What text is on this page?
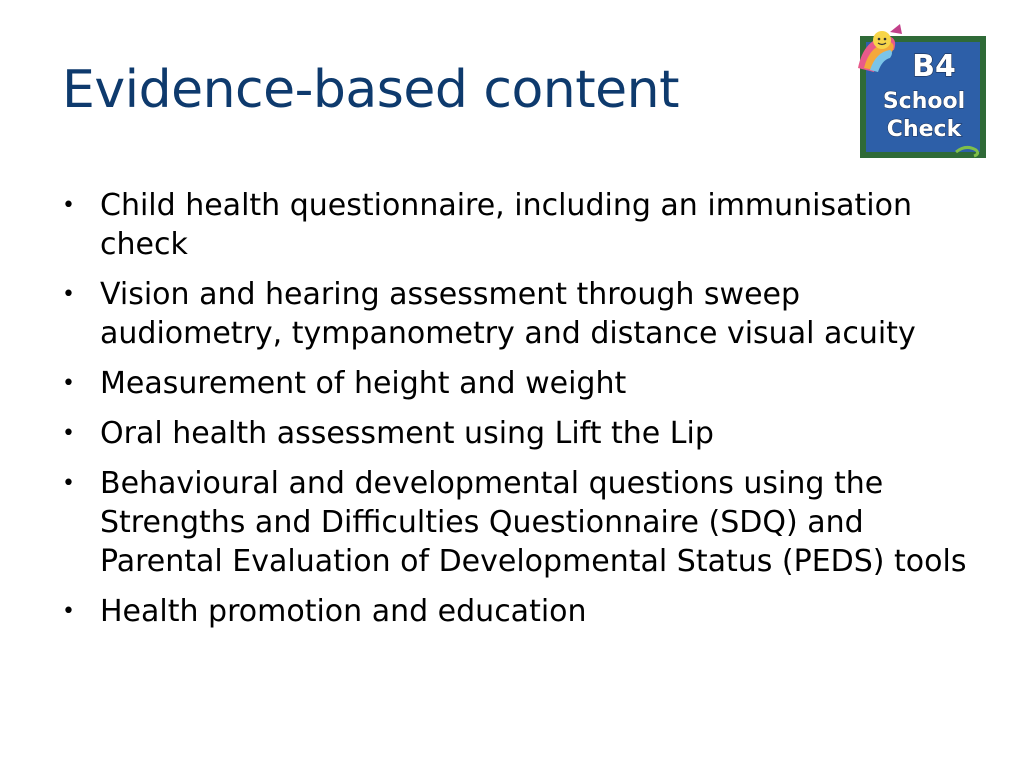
Evidence-based content	B4
School
Check
• Child health questionnaire, including an immunisation check
• Vision and hearing assessment through sweep audiometry, tympanometry and distance visual acuity
• Measurement of height and weight
• Oral health assessment using Lift the Lip
• Behavioural and developmental questions using the Strengths and Difficulties Questionnaire (SDQ) and Parental Evaluation of Developmental Status (PEDS) tools
• Health promotion and education
